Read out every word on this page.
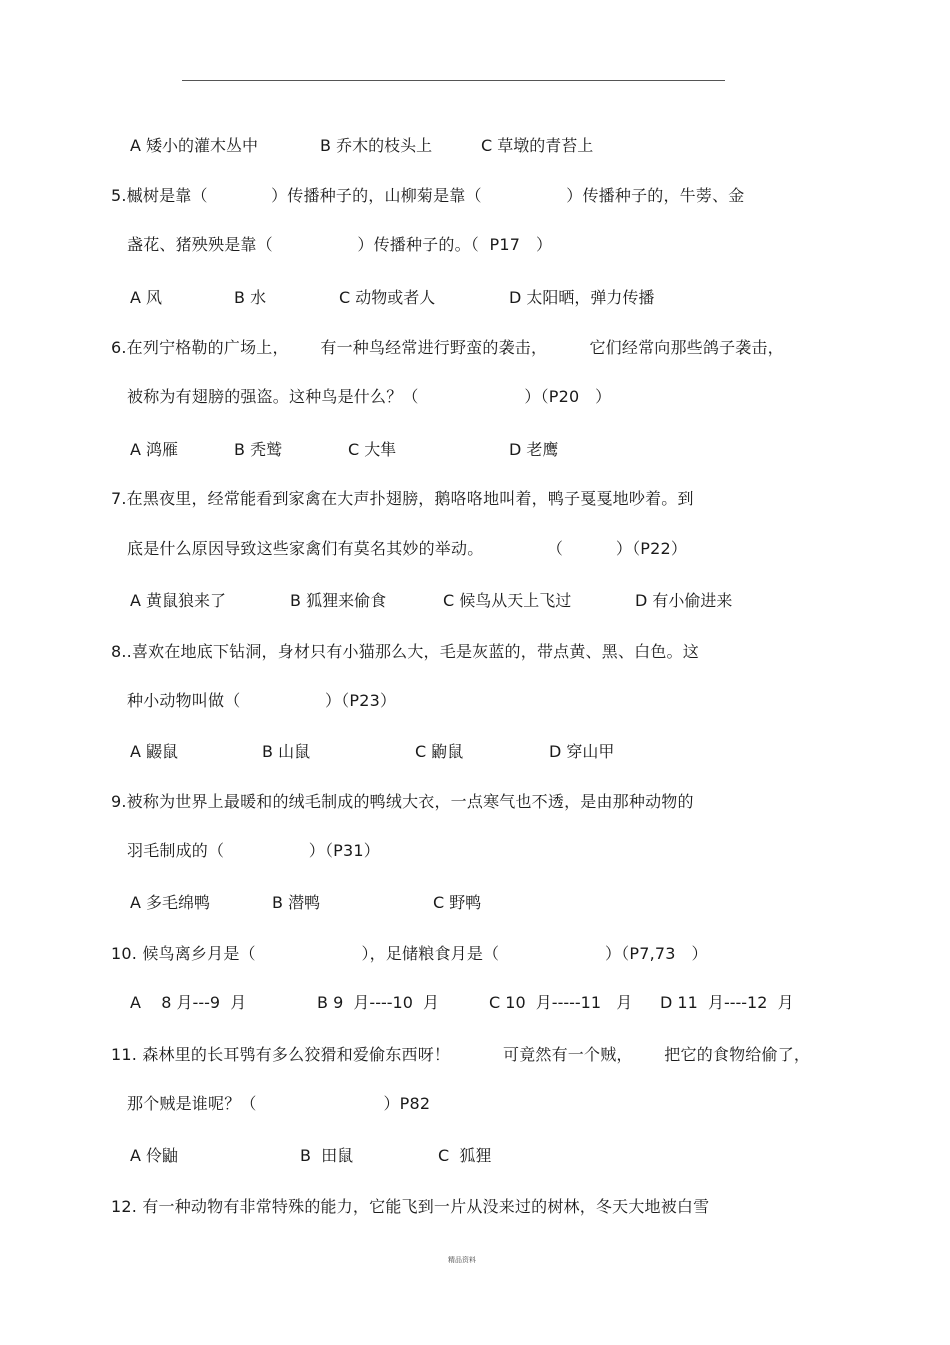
A 矮小的灌木丛中	B 乔木的枝头上	C 草墩的青苔上
5.槭树是靠（            ）传播种子的，山柳菊是靠（                ）传播种子的，牛蒡、金
盏花、猪殃殃是靠（                ）传播种子的。（  P17   ）
A 风	B 水	C 动物或者人	D 太阳晒，弹力传播
6.在列宁格勒的广场上，      有一种鸟经常进行野蛮的袭击，        它们经常向那些鸽子袭击，
被称为有翅膀的强盗。这种鸟是什么？（                    ）（P20   ）
A 鸿雁	B 秃鹫	C 大隼	D 老鹰
7.在黑夜里，经常能看到家禽在大声扑翅膀，鹅咯咯地叫着，鸭子戛戛地吵着。到
底是什么原因导致这些家禽们有莫名其妙的举动。            （          ）（P22）
A 黄鼠狼来了	B 狐狸来偷食	C 候鸟从天上飞过	D 有小偷进来
8..喜欢在地底下钻洞，身材只有小猫那么大，毛是灰蓝的，带点黄、黑、白色。这
种小动物叫做（                ）（P23）
A 鼹鼠	B 山鼠	C 鼩鼠	D 穿山甲
9.被称为世界上最暖和的绒毛制成的鸭绒大衣，一点寒气也不透，是由那种动物的
羽毛制成的（                ）（P31）
A 多毛绵鸭	B 潜鸭	C 野鸭
10. 候鸟离乡月是（                    ），足储粮食月是（                    ）（P7,73   ）
A    8 月---9  月	B 9  月----10  月	C 10  月-----11   月 D 11  月----12  月
11. 森林里的长耳鸮有多么狡猾和爱偷东西呀！          可竟然有一个贼，      把它的食物给偷了，
那个贼是谁呢？（                        ）P82
A 伶鼬	B  田鼠	C  狐狸
12. 有一种动物有非常特殊的能力，它能飞到一片从没来过的树林，冬天大地被白雪
精品资料
